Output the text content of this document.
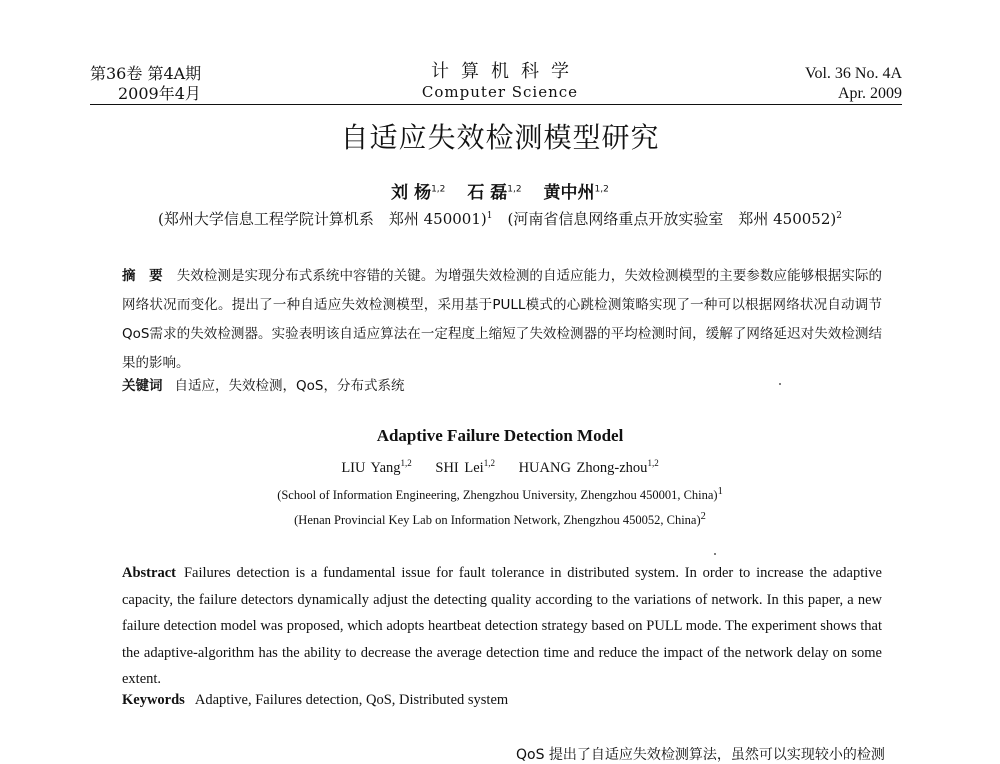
第36卷 第4A期
2009年4月
计算机科学
Computer Science
Vol. 36 No. 4A
Apr. 2009
自适应失效检测模型研究
刘 杨$^{1,2}$ 石 磊$^{1,2}$ 黄中州$^{1,2}$
(郑州大学信息工程学院计算机系　郑州 450001)$^1$　(河南省信息网络重点开放实验室　郑州 450052)$^2$
摘　要 失效检测是实现分布式系统中容错的关键。为增强失效检测的自适应能力，失效检测模型的主要参数应能够根据实际的网络状况而变化。提出了一种自适应失效检测模型，采用基于PULL模式的心跳检测策略实现了一种可以根据网络状况自动调节QoS需求的失效检测器。实验表明该自适应算法在一定程度上缩短了失效检测器的平均检测时间，缓解了网络延迟对失效检测结果的影响。
关键词 自适应，失效检测，QoS，分布式系统
Adaptive Failure Detection Model
LIU Yang$^{1,2}$ SHI Lei$^{1,2}$ HUANG Zhong-zhou$^{1,2}$
(School of Information Engineering, Zhengzhou University, Zhengzhou 450001, China)$^1$
(Henan Provincial Key Lab on Information Network, Zhengzhou 450052, China)$^2$
Abstract Failures detection is a fundamental issue for fault tolerance in distributed system. In order to increase the adaptive capacity, the failure detectors dynamically adjust the detecting quality according to the variations of network. In this paper, a new failure detection model was proposed, which adopts heartbeat detection strategy based on PULL mode. The experiment shows that the adaptive-algorithm has the ability to decrease the average detection time and reduce the impact of the network delay on some extent.
Keywords Adaptive, Failures detection, QoS, Distributed system
QoS 提出了自适应失效检测算法，虽然可以实现较小的检测
